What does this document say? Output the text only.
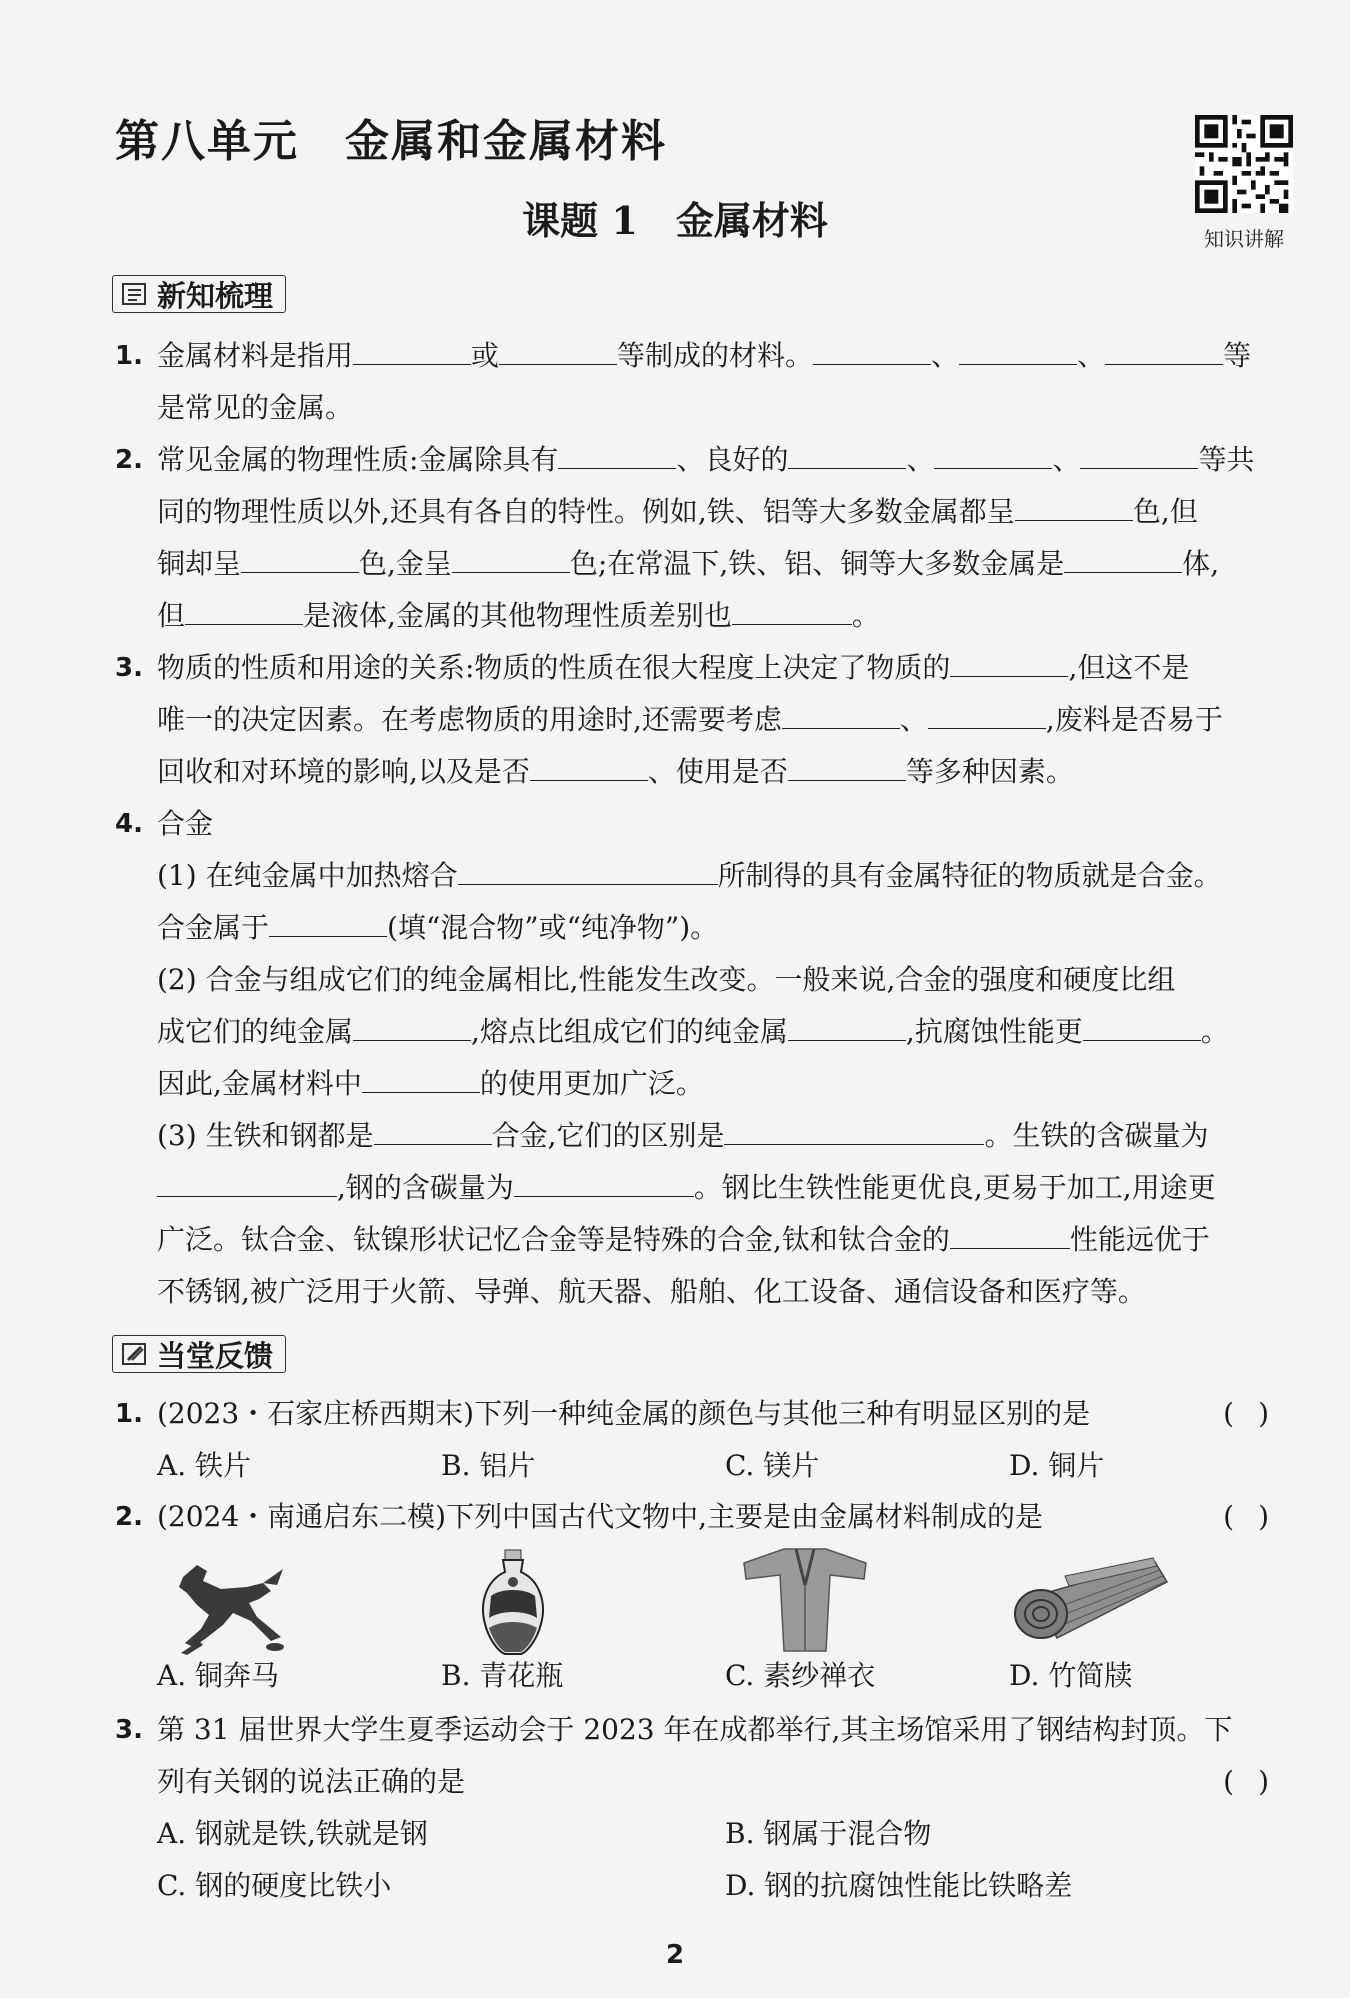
第八单元　金属和金属材料
课题 1　金属材料	知识讲解
新知梳理
1. 金属材料是指用	或	等制成的材料。	、	、	等
是常见的金属。
2. 常见金属的物理性质:金属除具有	、良好的	、	、	等共
同的物理性质以外,还具有各自的特性。例如,铁、铝等大多数金属都呈	色,但
铜却呈	色,金呈	色;在常温下,铁、铝、铜等大多数金属是	体,
但	是液体,金属的其他物理性质差别也	。
3. 物质的性质和用途的关系:物质的性质在很大程度上决定了物质的	,但这不是
唯一的决定因素。在考虑物质的用途时,还需要考虑	、	,废料是否易于
回收和对环境的影响,以及是否	、使用是否	等多种因素。
4. 合金
(1) 在纯金属中加热熔合	所制得的具有金属特征的物质就是合金。
合金属于	(填“混合物”或“纯净物”)。
(2) 合金与组成它们的纯金属相比,性能发生改变。一般来说,合金的强度和硬度比组
成它们的纯金属	,熔点比组成它们的纯金属	,抗腐蚀性能更	。
因此,金属材料中	的使用更加广泛。
(3) 生铁和钢都是	合金,它们的区别是	。生铁的含碳量为
,钢的含碳量为	。钢比生铁性能更优良,更易于加工,用途更
广泛。钛合金、钛镍形状记忆合金等是特殊的合金,钛和钛合金的	性能远优于
不锈钢,被广泛用于火箭、导弹、航天器、船舶、化工设备、通信设备和医疗等。
当堂反馈
1. (2023・石家庄桥西期末)下列一种纯金属的颜色与其他三种有明显区别的是	()
A. 铁片	B. 铝片	C. 镁片	D. 铜片
2. (2024・南通启东二模)下列中国古代文物中,主要是由金属材料制成的是	()
A. 铜奔马	B. 青花瓶	C. 素纱禅衣	D. 竹简牍
3. 第 31 届世界大学生夏季运动会于 2023 年在成都举行,其主场馆采用了钢结构封顶。下
列有关钢的说法正确的是	()
A. 钢就是铁,铁就是钢	B. 钢属于混合物
C. 钢的硬度比铁小	D. 钢的抗腐蚀性能比铁略差
2
